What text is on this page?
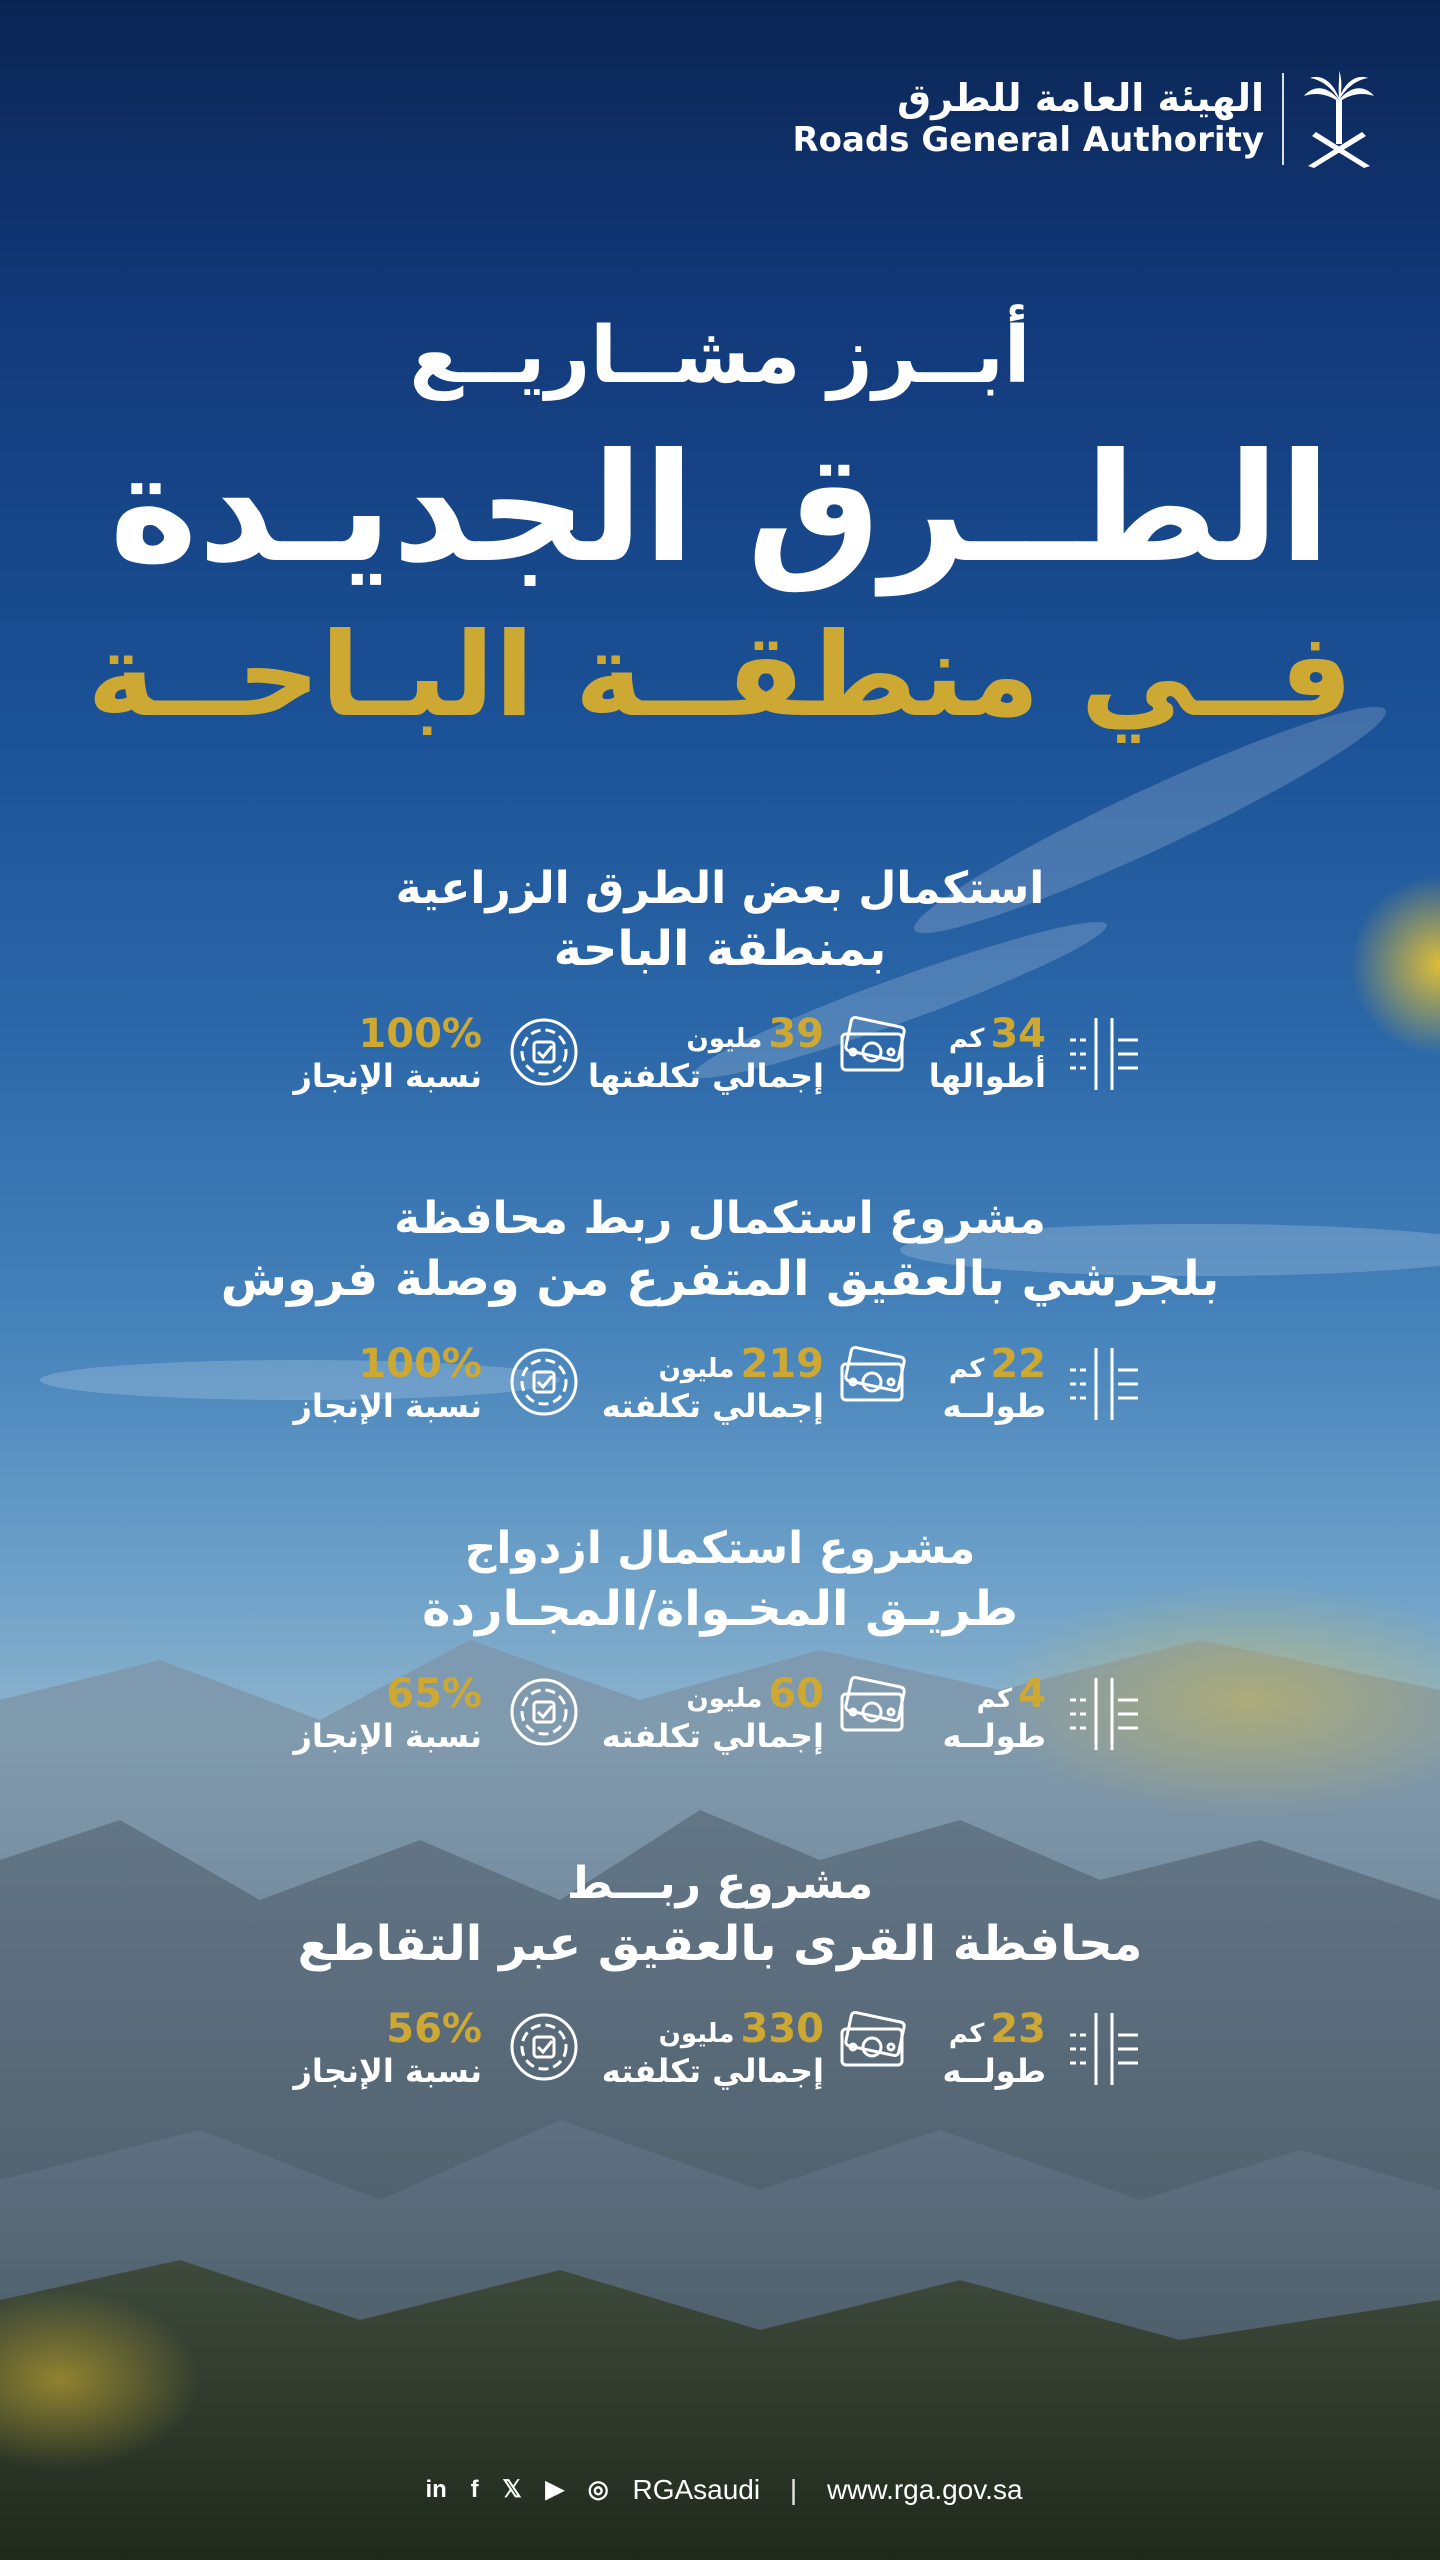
الهيئة العامة للطرق
Roads General Authority
أبــرز مشــاريــع
الطــرق الجديـدة
فــي منطقــة البـاحــة
استكمال بعض الطرق الزراعية
بمنطقة الباحة
34كم
أطوالها
39مليون
إجمالي تكلفتها
100%
نسبة الإنجاز
مشروع استكمال ربط محافظة
بلجرشي بالعقيق المتفرع من وصلة فروش
22كم
طولــه
219مليون
إجمالي تكلفته
100%
نسبة الإنجاز
مشروع استكمال ازدواج
طريـق المخـواة/المجـاردة
4كم
طولــه
60مليون
إجمالي تكلفته
65%
نسبة الإنجاز
مشروع ربـــط
محافظة القرى بالعقيق عبر التقاطع
23كم
طولــه
330مليون
إجمالي تكلفته
56%
نسبة الإنجاز
in f 𝕏 ▶ ◎ RGAsaudi | www.rga.gov.sa
